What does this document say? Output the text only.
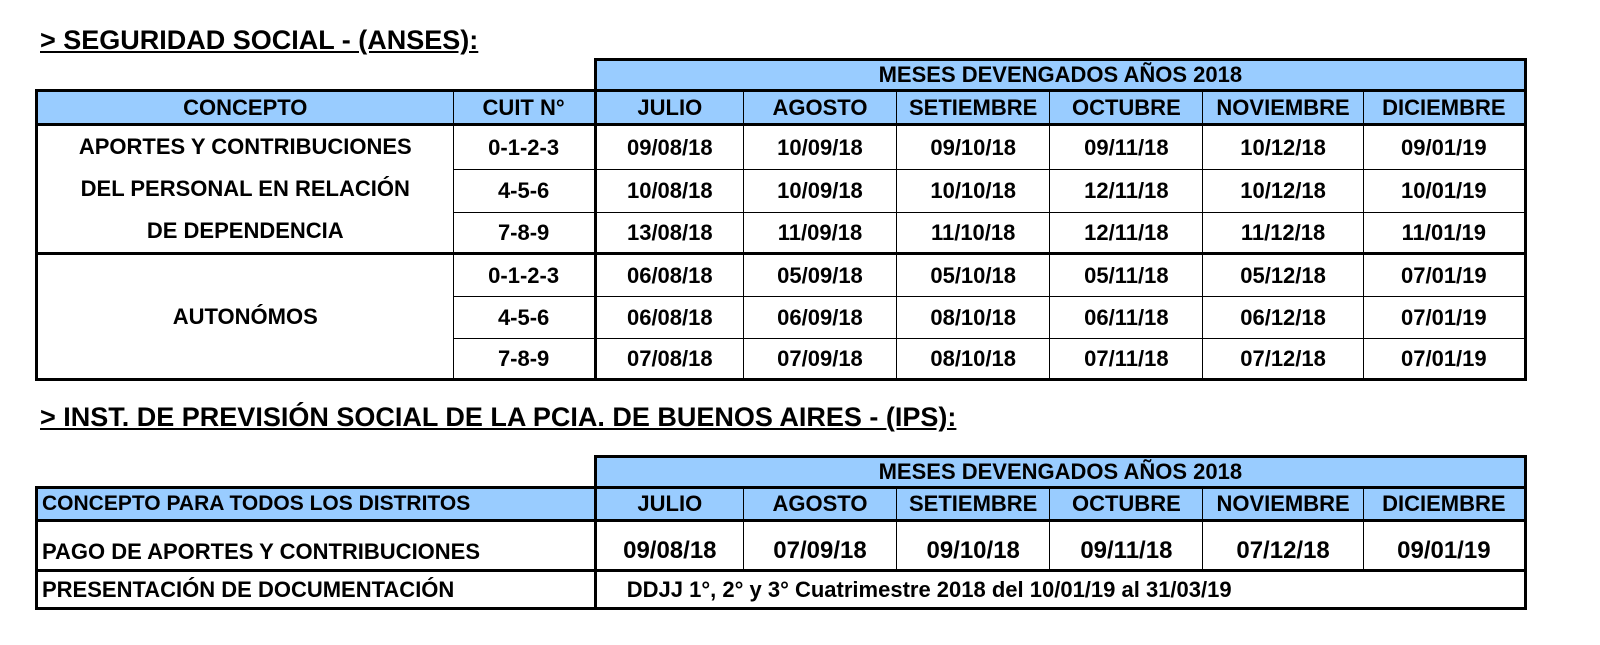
> SEGURIDAD SOCIAL - (ANSES):
		MESES DEVENGADOS AÑOS 2018					
CONCEPTO	CUIT N°	JULIO	AGOSTO	SETIEMBRE	OCTUBRE	NOVIEMBRE	DICIEMBRE

APORTES Y CONTRIBUCIONES
DEL PERSONAL EN RELACIÓN
DE DEPENDENCIA	0-1-2-3	09/08/18	10/09/18	09/10/18	09/11/18	10/12/18	09/01/19
	4-5-6	10/08/18	10/09/18	10/10/18	12/11/18	10/12/18	10/01/19
	7-8-9	13/08/18	11/09/18	11/10/18	12/11/18	11/12/18	11/01/19
AUTONÓMOS	0-1-2-3	06/08/18	05/09/18	05/10/18	05/11/18	05/12/18	07/01/19
	4-5-6	06/08/18	06/09/18	08/10/18	06/11/18	06/12/18	07/01/19
	7-8-9	07/08/18	07/09/18	08/10/18	07/11/18	07/12/18	07/01/19
> INST. DE PREVISIÓN SOCIAL DE LA PCIA. DE BUENOS AIRES - (IPS):
	MESES DEVENGADOS AÑOS 2018					
CONCEPTO PARA TODOS LOS DISTRITOS	JULIO	AGOSTO	SETIEMBRE	OCTUBRE	NOVIEMBRE	DICIEMBRE
PAGO DE APORTES Y CONTRIBUCIONES	09/08/18	07/09/18	09/10/18	09/11/18	07/12/18	09/01/19
PRESENTACIÓN DE DOCUMENTACIÓN	DDJJ 1°, 2° y 3° Cuatrimestre 2018 del 10/01/19 al 31/03/19					
